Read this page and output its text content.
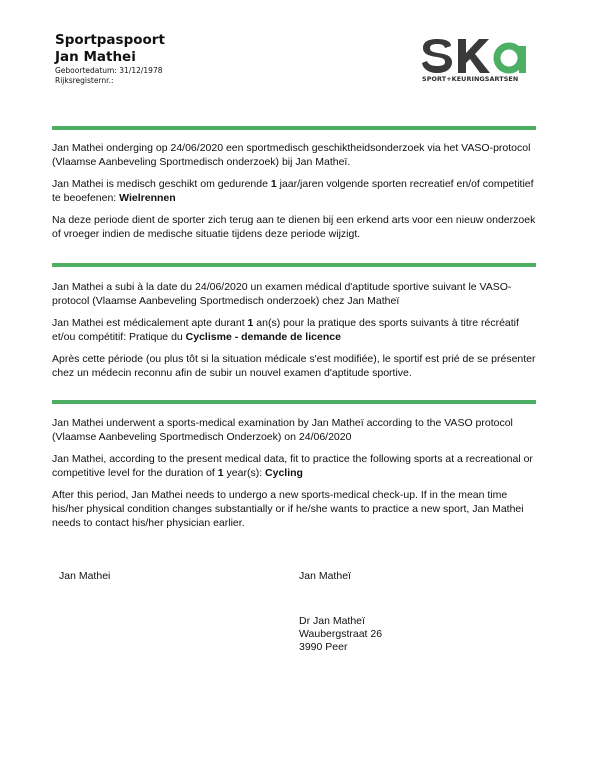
Sportpaspoort
Jan Mathei
Geboortedatum: 31/12/1978
Rijksregisternr.:	SPORT+KEURINGSARTSEN

Jan Mathei onderging op 24/06/2020 een sportmedisch geschiktheidsonderzoek via het VASO-protocol (Vlaamse Aanbeveling Sportmedisch onderzoek) bij Jan Matheï.

Jan Mathei is medisch geschikt om gedurende 1 jaar/jaren volgende sporten recreatief en/of competitief te beoefenen: Wielrennen

Na deze periode dient de sporter zich terug aan te dienen bij een erkend arts voor een nieuw onderzoek of vroeger indien de medische situatie tijdens deze periode wijzigt.

Jan Mathei a subi à la date du 24/06/2020 un examen médical d'aptitude sportive suivant le VASO-protocol (Vlaamse Aanbeveling Sportmedisch onderzoek) chez Jan Matheï

Jan Mathei est médicalement apte durant 1 an(s) pour la pratique des sports suivants à titre récréatif et/ou compétitif: Pratique du Cyclisme - demande de licence

Après cette période (ou plus tôt si la situation médicale s'est modifiée), le sportif est prié de se présenter chez un médecin reconnu afin de subir un nouvel examen d'aptitude sportive.

Jan Mathei underwent a sports-medical examination by Jan Matheï according to the VASO protocol (Vlaamse Aanbeveling Sportmedisch Onderzoek) on 24/06/2020

Jan Mathei, according to the present medical data, fit to practice the following sports at a recreational or competitive level for the duration of 1 year(s): Cycling

After this period, Jan Mathei needs to undergo a new sports-medical check-up. If in the mean time his/her physical condition changes substantially or if he/she wants to practice a new sport, Jan Mathei needs to contact his/her physician earlier.

Jan Mathei	Jan Matheï
Dr Jan Matheï
Waubergstraat 26
3990 Peer
